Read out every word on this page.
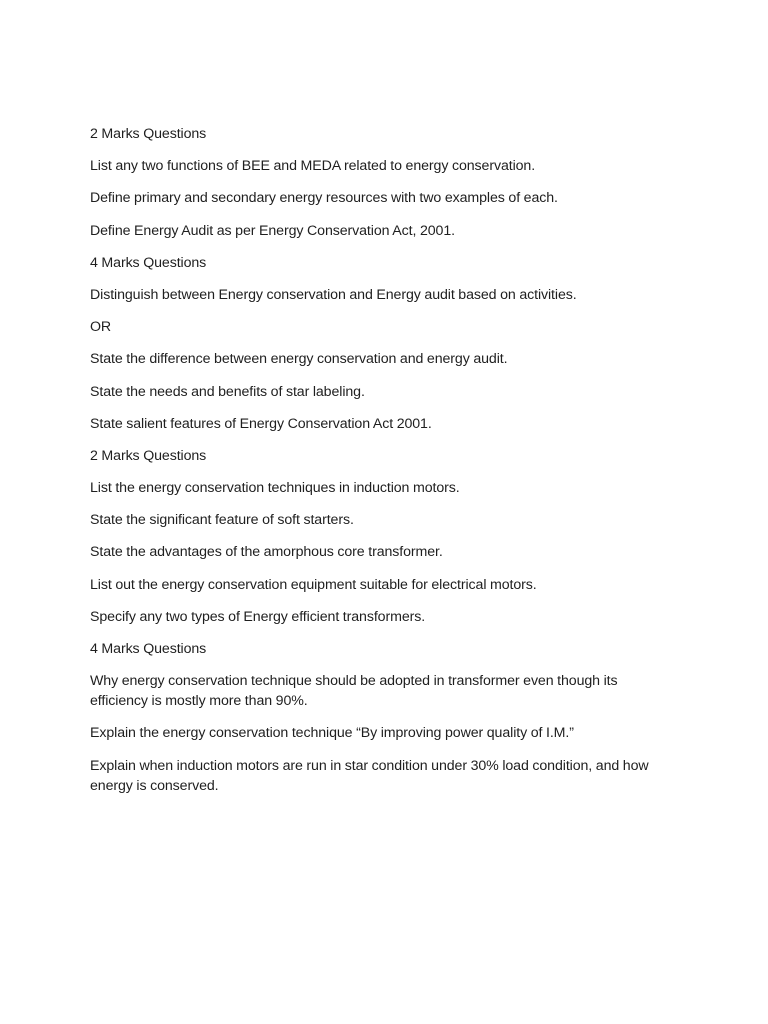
2 Marks Questions

List any two functions of BEE and MEDA related to energy conservation.

Define primary and secondary energy resources with two examples of each.

Define Energy Audit as per Energy Conservation Act, 2001.

4 Marks Questions

Distinguish between Energy conservation and Energy audit based on activities.

OR

State the difference between energy conservation and energy audit.

State the needs and benefits of star labeling.

State salient features of Energy Conservation Act 2001.

2 Marks Questions

List the energy conservation techniques in induction motors.

State the significant feature of soft starters.

State the advantages of the amorphous core transformer.

List out the energy conservation equipment suitable for electrical motors.

Specify any two types of Energy efficient transformers.

4 Marks Questions

Why energy conservation technique should be adopted in transformer even though its efficiency is mostly more than 90%.

Explain the energy conservation technique “By improving power quality of I.M.”

Explain when induction motors are run in star condition under 30% load condition, and how energy is conserved.
